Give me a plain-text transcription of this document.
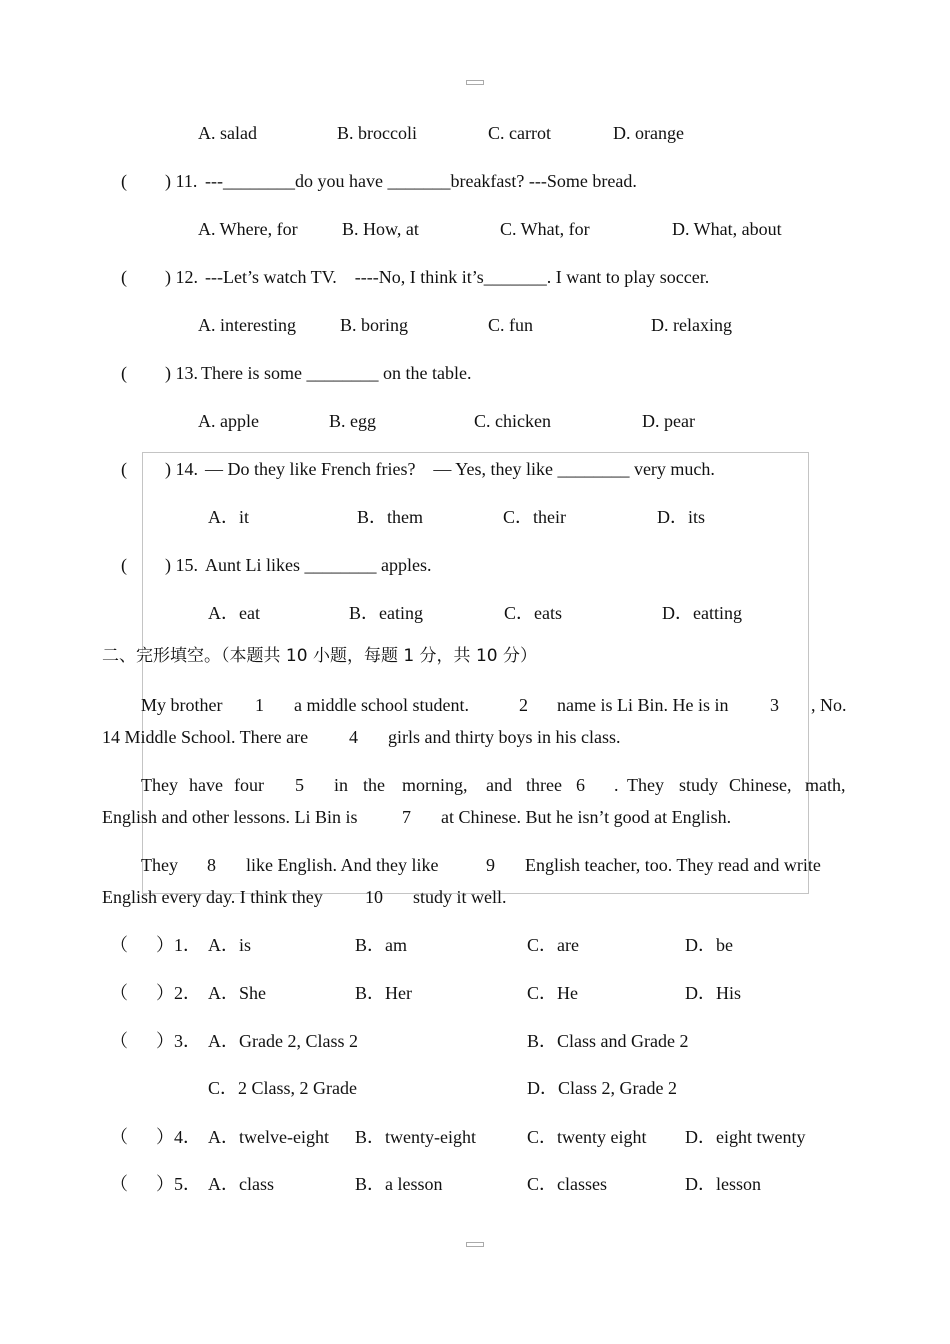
A. salad	B. broccoli	C. carrot	D. orange
( ) 11. ---________do you have _______breakfast? ---Some bread.
A. Where, for B. How, at	C. What, for	D. What, about
( ) 12. ---Let’s watch TV.    ----No, I think it’s_______. I want to play soccer.
A. interesting B. boring	C. fun	D. relaxing
( ) 13. There is some ________ on the table.
A. apple	B. egg	C. chicken	D. pear
( ) 14. — Do they like French fries?    — Yes, they like ________ very much.
A．it	B．them	C．their	D．its
( ) 15. Aunt Li likes ________ apples.
A．eat	B．eating	C．eats	D．eatting
二、完形填空。（本题共 10 小题，每题 1 分，共 10 分）
My brother 1 a middle school student.	2 name is Li Bin. He is in 3 , No.
14 Middle School. There are 4 girls and thirty boys in his class.
They have four 5 in the morning, and three 6 . They study Chinese, math,
English and other lessons. Li Bin is 7 at Chinese. But he isn’t good at English.
They 8 like English. And they like	9 English teacher, too. They read and write
English every day. I think they 10 study it well.
（ ）1． A．is	B．am	C．are	D．be
（ ）2． A．She	B．Her	C．He	D．His
（ ）3． A．Grade 2, Class 2	B．Class and Grade 2
C．2 Class, 2 Grade	D．Class 2, Grade 2
（ ）4． A．twelve-eight B．twenty-eight	C．twenty eight D．eight twenty
（ ）5． A．class	B．a lesson	C．classes	D．lesson
